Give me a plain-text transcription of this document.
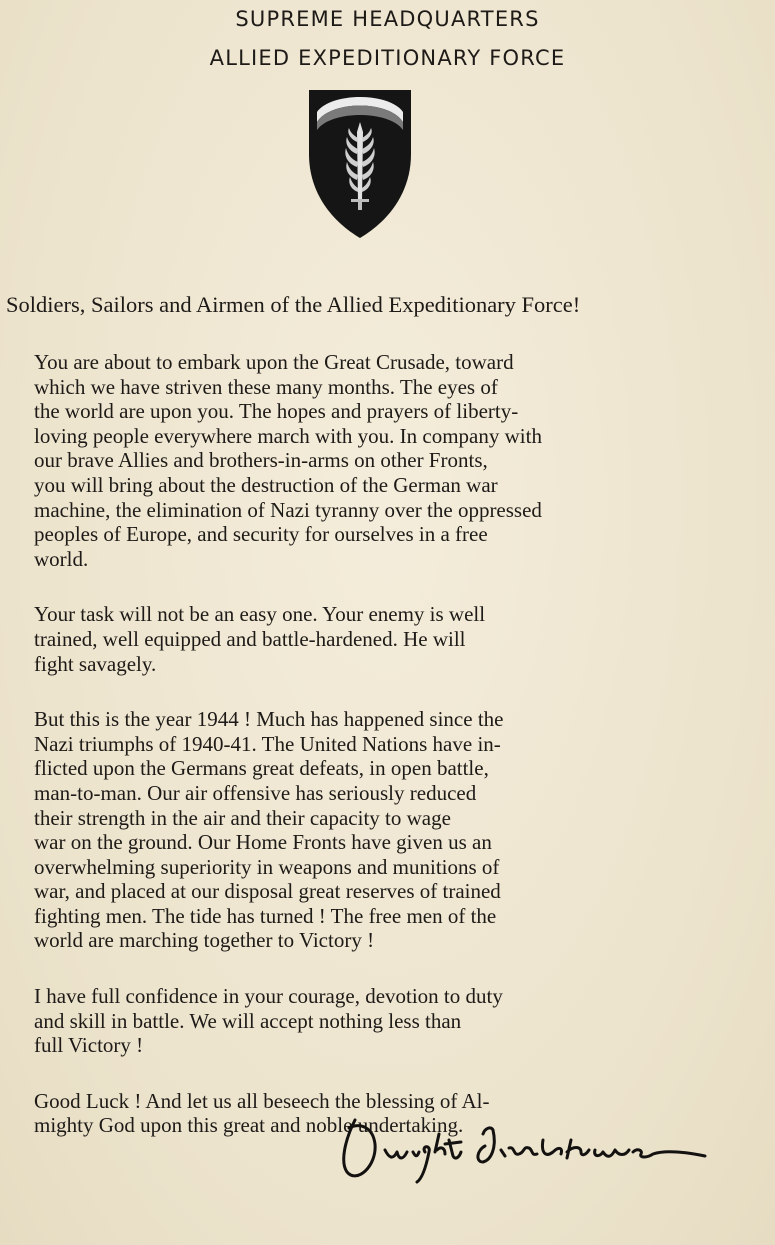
SUPREME HEADQUARTERS
ALLIED EXPEDITIONARY FORCE
Soldiers, Sailors and Airmen of the Allied Expeditionary Force!

You are about to embark upon the Great Crusade, toward
which we have striven these many months. The eyes of
the world are upon you. The hopes and prayers of liberty-
loving people everywhere march with you. In company with
our brave Allies and brothers-in-arms on other Fronts,
you will bring about the destruction of the German war
machine, the elimination of Nazi tyranny over the oppressed
peoples of Europe, and security for ourselves in a free
world.

Your task will not be an easy one. Your enemy is well
trained, well equipped and battle-hardened. He will
fight savagely.

But this is the year 1944 ! Much has happened since the
Nazi triumphs of 1940-41. The United Nations have in-
flicted upon the Germans great defeats, in open battle,
man-to-man. Our air offensive has seriously reduced
their strength in the air and their capacity to wage
war on the ground. Our Home Fronts have given us an
overwhelming superiority in weapons and munitions of
war, and placed at our disposal great reserves of trained
fighting men. The tide has turned ! The free men of the
world are marching together to Victory !

I have full confidence in your courage, devotion to duty
and skill in battle. We will accept nothing less than
full Victory !

Good Luck ! And let us all beseech the blessing of Al-
mighty God upon this great and noble undertaking.
